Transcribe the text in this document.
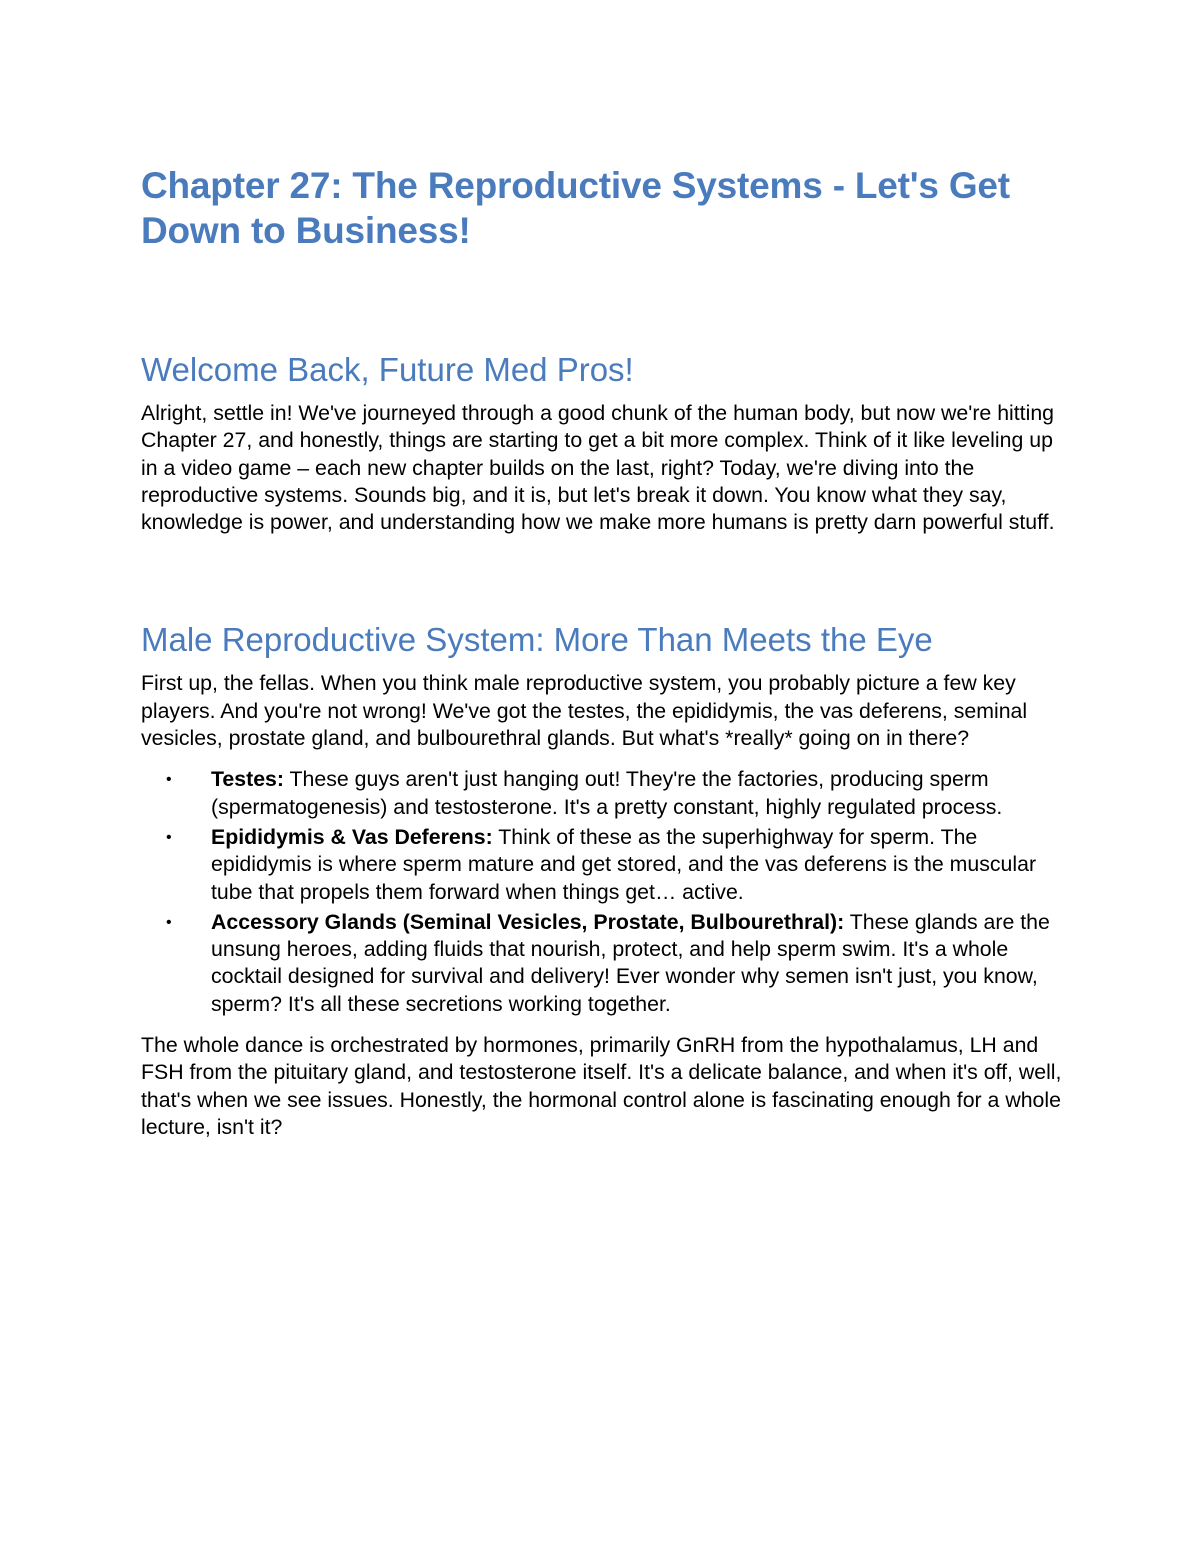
Chapter 27: The Reproductive Systems - Let's Get Down to Business!
Welcome Back, Future Med Pros!

Alright, settle in! We've journeyed through a good chunk of the human body, but now we're hitting Chapter 27, and honestly, things are starting to get a bit more complex. Think of it like leveling up in a video game – each new chapter builds on the last, right? Today, we're diving into the reproductive systems. Sounds big, and it is, but let's break it down. You know what they say, knowledge is power, and understanding how we make more humans is pretty darn powerful stuff.

Male Reproductive System: More Than Meets the Eye

First up, the fellas. When you think male reproductive system, you probably picture a few key players. And you're not wrong! We've got the testes, the epididymis, the vas deferens, seminal vesicles, prostate gland, and bulbourethral glands. But what's *really* going on in there?

• Testes: These guys aren't just hanging out! They're the factories, producing sperm (spermatogenesis) and testosterone. It's a pretty constant, highly regulated process.
• Epididymis & Vas Deferens: Think of these as the superhighway for sperm. The epididymis is where sperm mature and get stored, and the vas deferens is the muscular tube that propels them forward when things get… active.
• Accessory Glands (Seminal Vesicles, Prostate, Bulbourethral): These glands are the unsung heroes, adding fluids that nourish, protect, and help sperm swim. It's a whole cocktail designed for survival and delivery! Ever wonder why semen isn't just, you know, sperm? It's all these secretions working together.

The whole dance is orchestrated by hormones, primarily GnRH from the hypothalamus, LH and FSH from the pituitary gland, and testosterone itself. It's a delicate balance, and when it's off, well, that's when we see issues. Honestly, the hormonal control alone is fascinating enough for a whole lecture, isn't it?
